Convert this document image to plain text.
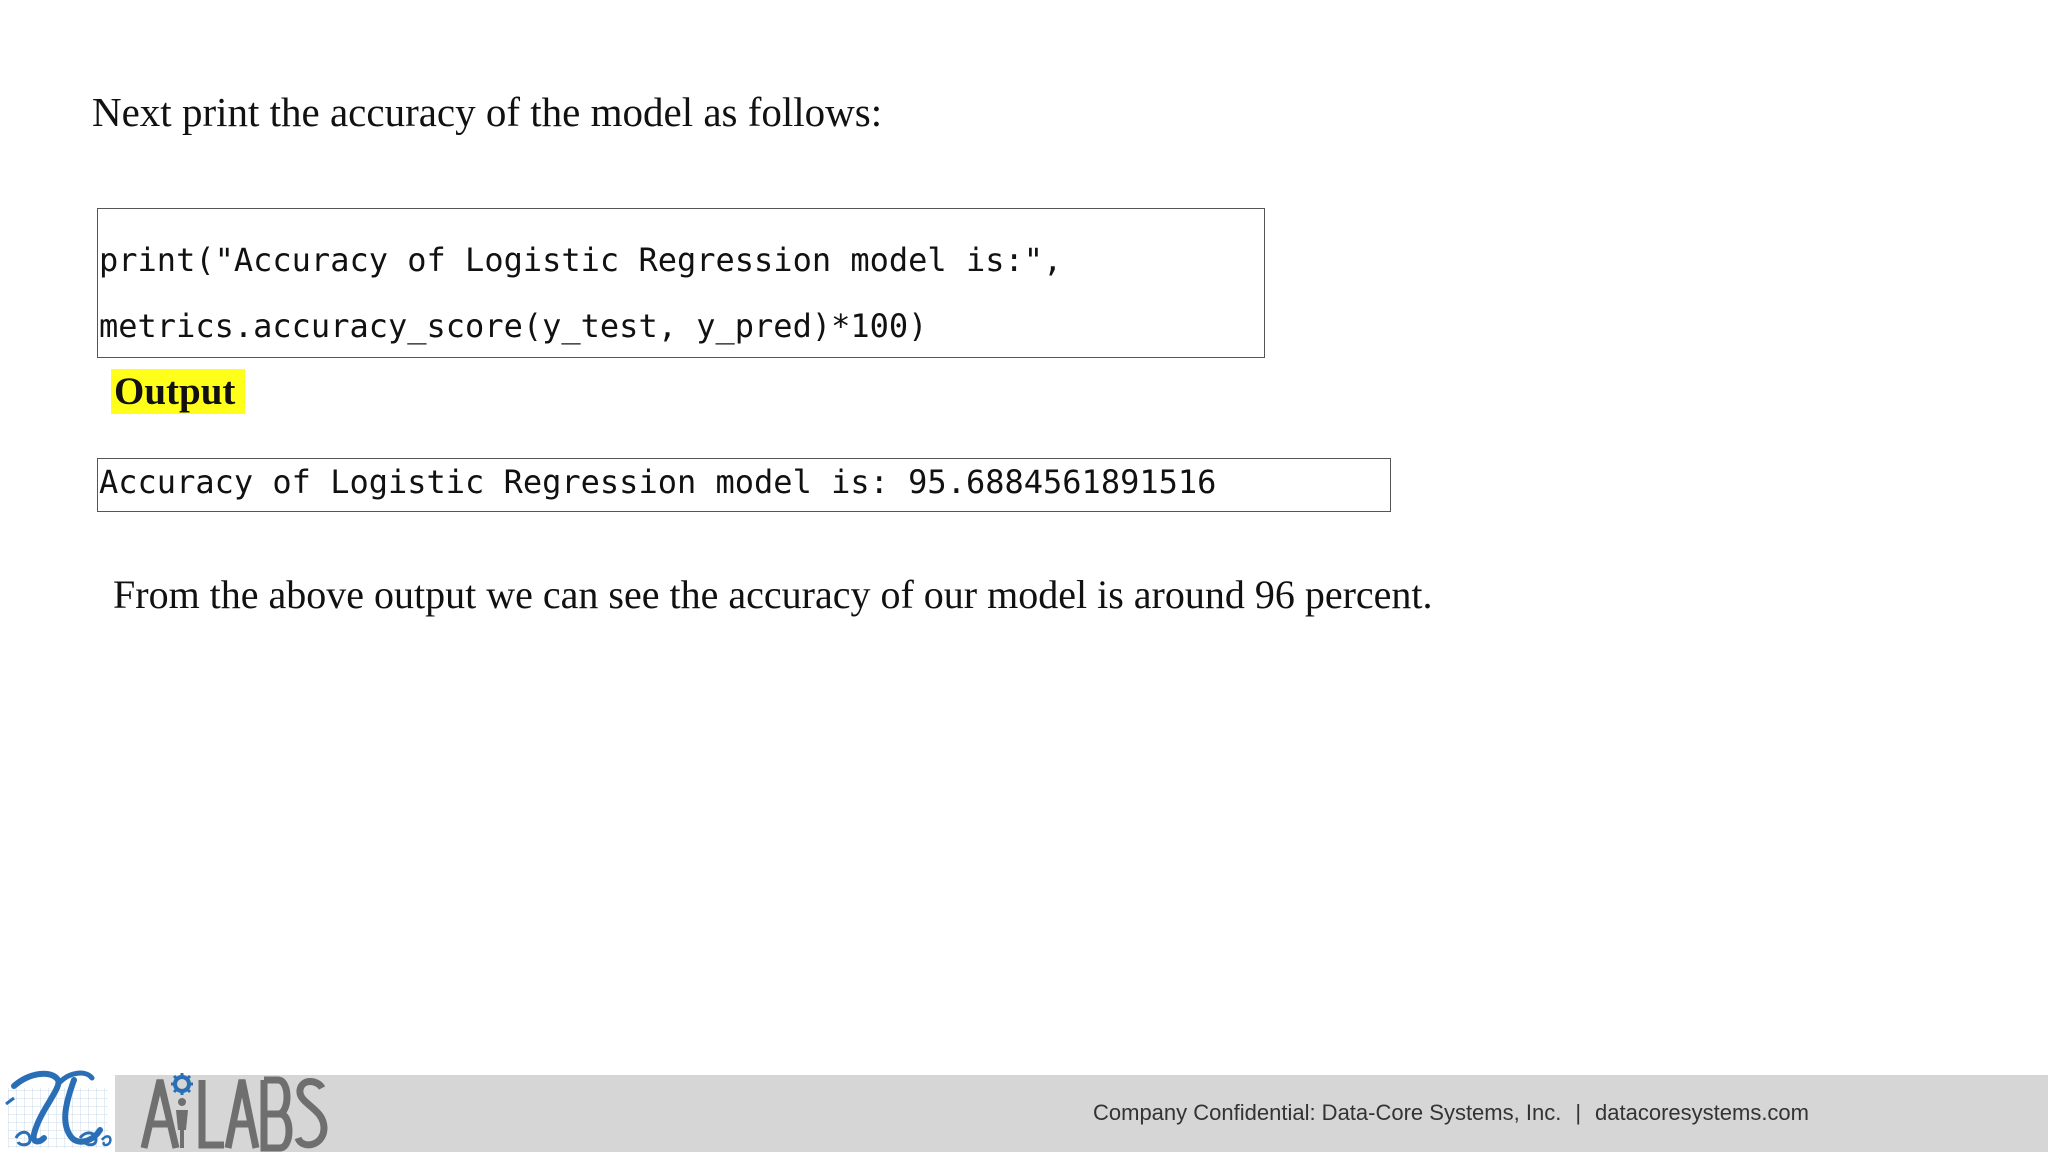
Next print the accuracy of the model as follows:

print("Accuracy of Logistic Regression model is:",
metrics.accuracy_score(y_test, y_pred)*100)
Output
Accuracy of Logistic Regression model is: 95.6884561891516

From the above output we can see the accuracy of our model is around 96 percent.

Company Confidential: Data-Core Systems, Inc. | datacoresystems.com
